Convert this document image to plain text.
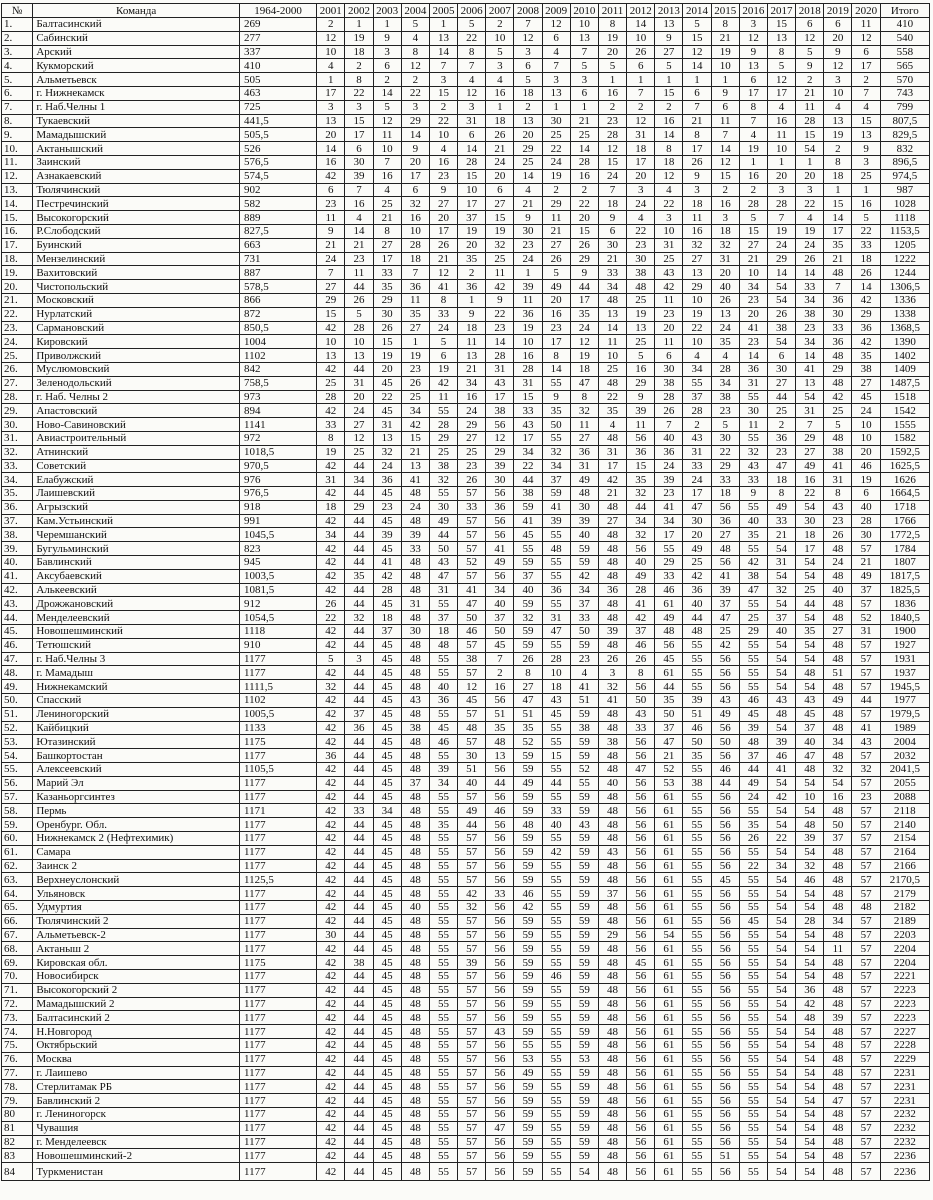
№	Команда	1964-2000	2001	2002	2003	2004	2005	2006	2007	2008	2009	2010	2011	2012	2013	2014	2015	2016	2017	2018	2019	2020	Итого
1.	Балтасинский	269	2	1	1	5	1	5	2	7	12	10	8	14	13	5	8	3	15	6	6	11	410
2.	Сабинский	277	12	19	9	4	13	22	10	12	6	13	19	10	9	15	21	12	13	12	20	12	540
3.	Арский	337	10	18	3	8	14	8	5	3	4	7	20	26	27	12	19	9	8	5	9	6	558
4.	Кукморский	410	4	2	6	12	7	7	3	6	7	5	5	6	5	14	10	13	5	9	12	17	565
5.	Альметьевск	505	1	8	2	2	3	4	4	5	3	3	1	1	1	1	1	6	12	2	3	2	570
6.	г. Нижнекамск	463	17	22	14	22	15	12	16	18	13	6	16	7	15	6	9	17	17	21	10	7	743
7.	г. Наб.Челны 1	725	3	3	5	3	2	3	1	2	1	1	2	2	2	7	6	8	4	11	4	4	799
8.	Тукаевский	441,5	13	15	12	29	22	31	18	13	30	21	23	12	16	21	11	7	16	28	13	15	807,5
9.	Мамадышский	505,5	20	17	11	14	10	6	26	20	25	25	28	31	14	8	7	4	11	15	19	13	829,5
10.	Актанышский	526	14	6	10	9	4	14	21	29	22	14	12	18	8	17	14	19	10	54	2	9	832
11.	Заинский	576,5	16	30	7	20	16	28	24	25	24	28	15	17	18	26	12	1	1	1	8	3	896,5
12.	Азнакаевский	574,5	42	39	16	17	23	15	20	14	19	16	24	20	12	9	15	16	20	20	18	25	974,5
13.	Тюлячинский	902	6	7	4	6	9	10	6	4	2	2	7	3	4	3	2	2	3	3	1	1	987
14.	Пестречинский	582	23	16	25	32	27	17	27	21	29	22	18	24	22	18	16	28	28	22	15	16	1028
15.	Высокогорский	889	11	4	21	16	20	37	15	9	11	20	9	4	3	11	3	5	7	4	14	5	1118
16.	Р.Слободский	827,5	9	14	8	10	17	19	19	30	21	15	6	22	10	16	18	15	19	19	17	22	1153,5
17.	Буинский	663	21	21	27	28	26	20	32	23	27	26	30	23	31	32	32	27	24	24	35	33	1205
18.	Мензелинский	731	24	23	17	18	21	35	25	24	26	29	21	30	25	27	31	21	29	26	21	18	1222
19.	Вахитовский	887	7	11	33	7	12	2	11	1	5	9	33	38	43	13	20	10	14	14	48	26	1244
20.	Чистопольский	578,5	27	44	35	36	41	36	42	39	49	44	34	48	42	29	40	34	54	33	7	14	1306,5
21.	Московский	866	29	26	29	11	8	1	9	11	20	17	48	25	11	10	26	23	54	34	36	42	1336
22.	Нурлатский	872	15	5	30	35	33	9	22	36	16	35	13	19	23	19	13	20	26	38	30	29	1338
23.	Сармановский	850,5	42	28	26	27	24	18	23	19	23	24	14	13	20	22	24	41	38	23	33	36	1368,5
24.	Кировский	1004	10	10	15	1	5	11	14	10	17	12	11	25	11	10	35	23	54	34	36	42	1390
25.	Приволжский	1102	13	13	19	19	6	13	28	16	8	19	10	5	6	4	4	14	6	14	48	35	1402
26.	Муслюмовский	842	42	44	20	23	19	21	31	28	14	18	25	16	30	34	28	36	30	41	29	38	1409
27.	Зеленодольский	758,5	25	31	45	26	42	34	43	31	55	47	48	29	38	55	34	31	27	13	48	27	1487,5
28.	г. Наб. Челны 2	973	28	20	22	25	11	16	17	15	9	8	22	9	28	37	38	55	44	54	42	45	1518
29.	Апастовский	894	42	24	45	34	55	24	38	33	35	32	35	39	26	28	23	30	25	31	25	24	1542
30.	Ново-Савиновский	1141	33	27	31	42	28	29	56	43	50	11	4	11	7	2	5	11	2	7	5	10	1555
31.	Авиастроительный	972	8	12	13	15	29	27	12	17	55	27	48	56	40	43	30	55	36	29	48	10	1582
32.	Атнинский	1018,5	19	25	32	21	25	25	29	34	32	36	31	36	36	31	22	32	23	27	38	20	1592,5
33.	Советский	970,5	42	44	24	13	38	23	39	22	34	31	17	15	24	33	29	43	47	49	41	46	1625,5
34.	Елабужский	976	31	34	36	41	32	26	30	44	37	49	42	35	39	24	33	33	18	16	31	19	1626
35.	Лаишевский	976,5	42	44	45	48	55	57	56	38	59	48	21	32	23	17	18	9	8	22	8	6	1664,5
36.	Агрызский	918	18	29	23	24	30	33	36	59	41	30	48	44	41	47	56	55	49	54	43	40	1718
37.	Кам.Устьинский	991	42	44	45	48	49	57	56	41	39	39	27	34	34	30	36	40	33	30	23	28	1766
38.	Черемшанский	1045,5	34	44	39	39	44	57	56	45	55	40	48	32	17	20	27	35	21	18	26	30	1772,5
39.	Бугульминский	823	42	44	45	33	50	57	41	55	48	59	48	56	55	49	48	55	54	17	48	57	1784
40.	Бавлинский	945	42	44	41	48	43	52	49	59	55	59	48	40	29	25	56	42	31	54	24	21	1807
41.	Аксубаевский	1003,5	42	35	42	48	47	57	56	37	55	42	48	49	33	42	41	38	54	54	48	49	1817,5
42.	Алькеевский	1081,5	42	44	28	48	31	41	34	40	36	34	36	28	46	36	39	47	32	25	40	37	1825,5
43.	Дрожжановский	912	26	44	45	31	55	47	40	59	55	37	48	41	61	40	37	55	54	44	48	57	1836
44.	Менделеевский	1054,5	22	32	18	48	37	50	37	32	31	33	48	42	49	44	47	25	37	54	48	52	1840,5
45.	Новошешминский	1118	42	44	37	30	18	46	50	59	47	50	39	37	48	48	25	29	40	35	27	31	1900
46.	Тетюшский	910	42	44	45	48	48	57	45	59	55	59	48	46	56	55	42	55	54	54	48	57	1927
47.	г. Наб.Челны 3	1177	5	3	45	48	55	38	7	26	28	23	26	26	45	55	56	55	54	54	48	57	1931
48.	г. Мамадыш	1177	42	44	45	48	55	57	2	8	10	4	3	8	61	55	56	55	54	48	51	57	1937
49.	Нижнекамский	1111,5	32	44	45	48	40	12	16	27	18	41	32	56	44	55	56	55	54	54	48	57	1945,5
50.	Спасский	1102	42	44	45	43	36	45	56	47	43	51	41	50	35	39	43	46	43	43	49	44	1977
51.	Лениногорский	1005,5	42	37	45	48	55	57	51	51	45	59	48	43	50	51	49	45	48	45	48	57	1979,5
52.	Кайбицкий	1133	42	36	45	38	45	48	35	35	55	38	48	33	37	46	56	39	54	37	48	41	1989
53.	Ютазинский	1175	42	44	45	48	46	57	48	52	55	59	38	56	47	50	50	48	39	40	34	43	2004
54.	Башкортостан	1177	36	44	45	48	55	30	13	59	15	59	48	56	21	35	56	37	46	47	48	57	2032
55.	Алексеевский	1105,5	42	44	45	48	39	51	56	59	55	52	48	47	52	55	46	44	41	48	32	32	2041,5
56.	Марий Эл	1177	42	44	45	37	34	40	44	49	44	55	40	56	53	38	44	49	54	54	54	57	2055
57.	Казаньоргсинтез	1177	42	44	45	48	55	57	56	59	55	59	48	56	61	55	56	24	42	10	16	23	2088
58.	Пермь	1171	42	33	34	48	55	49	46	59	33	59	48	56	61	55	56	55	54	54	48	57	2118
59.	Оренбург. Обл.	1177	42	44	45	48	35	44	56	48	40	43	48	56	61	55	56	35	54	48	50	57	2140
60.	Нижнекамск 2 (Нефтехимик)	1177	42	44	45	48	55	57	56	59	55	59	48	56	61	55	56	26	22	39	37	57	2154
61.	Самара	1177	42	44	45	48	55	57	56	59	42	59	43	56	61	55	56	55	54	54	48	57	2164
62.	Заинск 2	1177	42	44	45	48	55	57	56	59	55	59	48	56	61	55	56	22	34	32	48	57	2166
63.	Верхнеуслонский	1125,5	42	44	45	48	55	57	56	59	55	59	48	56	61	55	45	55	54	46	48	57	2170,5
64.	Ульяновск	1177	42	44	45	48	55	42	33	46	55	59	37	56	61	55	56	55	54	54	48	57	2179
65.	Удмуртия	1177	42	44	45	40	55	32	56	42	55	59	48	56	61	55	56	55	54	54	48	48	2182
66.	Тюлячинский 2	1177	42	44	45	48	55	57	56	59	55	59	48	56	61	55	56	45	54	28	34	57	2189
67.	Альметьевск-2	1177	30	44	45	48	55	57	56	59	55	59	29	56	54	55	56	55	54	54	48	57	2203
68.	Актаныш 2	1177	42	44	45	48	55	57	56	59	55	59	48	56	61	55	56	55	54	54	11	57	2204
69.	Кировская обл.	1175	42	38	45	48	55	39	56	59	55	59	48	45	61	55	56	55	54	54	48	57	2204
70.	Новосибирск	1177	42	44	45	48	55	57	56	59	46	59	48	56	61	55	56	55	54	54	48	57	2221
71.	Высокогорский 2	1177	42	44	45	48	55	57	56	59	55	59	48	56	61	55	56	55	54	36	48	57	2223
72.	Мамадышский 2	1177	42	44	45	48	55	57	56	59	55	59	48	56	61	55	56	55	54	42	48	57	2223
73.	Балтасинский 2	1177	42	44	45	48	55	57	56	59	55	59	48	56	61	55	56	55	54	48	39	57	2223
74.	Н.Новгород	1177	42	44	45	48	55	57	43	59	55	59	48	56	61	55	56	55	54	54	48	57	2227
75.	Октябрьский	1177	42	44	45	48	55	57	56	55	55	59	48	56	61	55	56	55	54	54	48	57	2228
76.	Москва	1177	42	44	45	48	55	57	56	53	55	53	48	56	61	55	56	55	54	54	48	57	2229
77.	г. Лаишево	1177	42	44	45	48	55	57	56	49	55	59	48	56	61	55	56	55	54	54	48	57	2231
78.	Стерлитамак РБ	1177	42	44	45	48	55	57	56	59	55	59	48	56	61	55	56	55	54	54	48	57	2231
79.	Бавлинский 2	1177	42	44	45	48	55	57	56	59	55	59	48	56	61	55	56	55	54	54	47	57	2231
80	г. Лениногорск	1177	42	44	45	48	55	57	56	59	55	59	48	56	61	55	56	55	54	54	48	57	2232
81	Чувашия	1177	42	44	45	48	55	57	47	59	55	59	48	56	61	55	56	55	54	54	48	57	2232
82	г. Менделеевск	1177	42	44	45	48	55	57	56	59	55	59	48	56	61	55	56	55	54	54	48	57	2232
83	Новошешминский-2	1177	42	44	45	48	55	57	56	59	55	59	48	56	61	55	51	55	54	54	48	57	2236
84	Туркменистан	1177	42	44	45	48	55	57	56	59	55	54	48	56	61	55	56	55	54	54	48	57	2236
